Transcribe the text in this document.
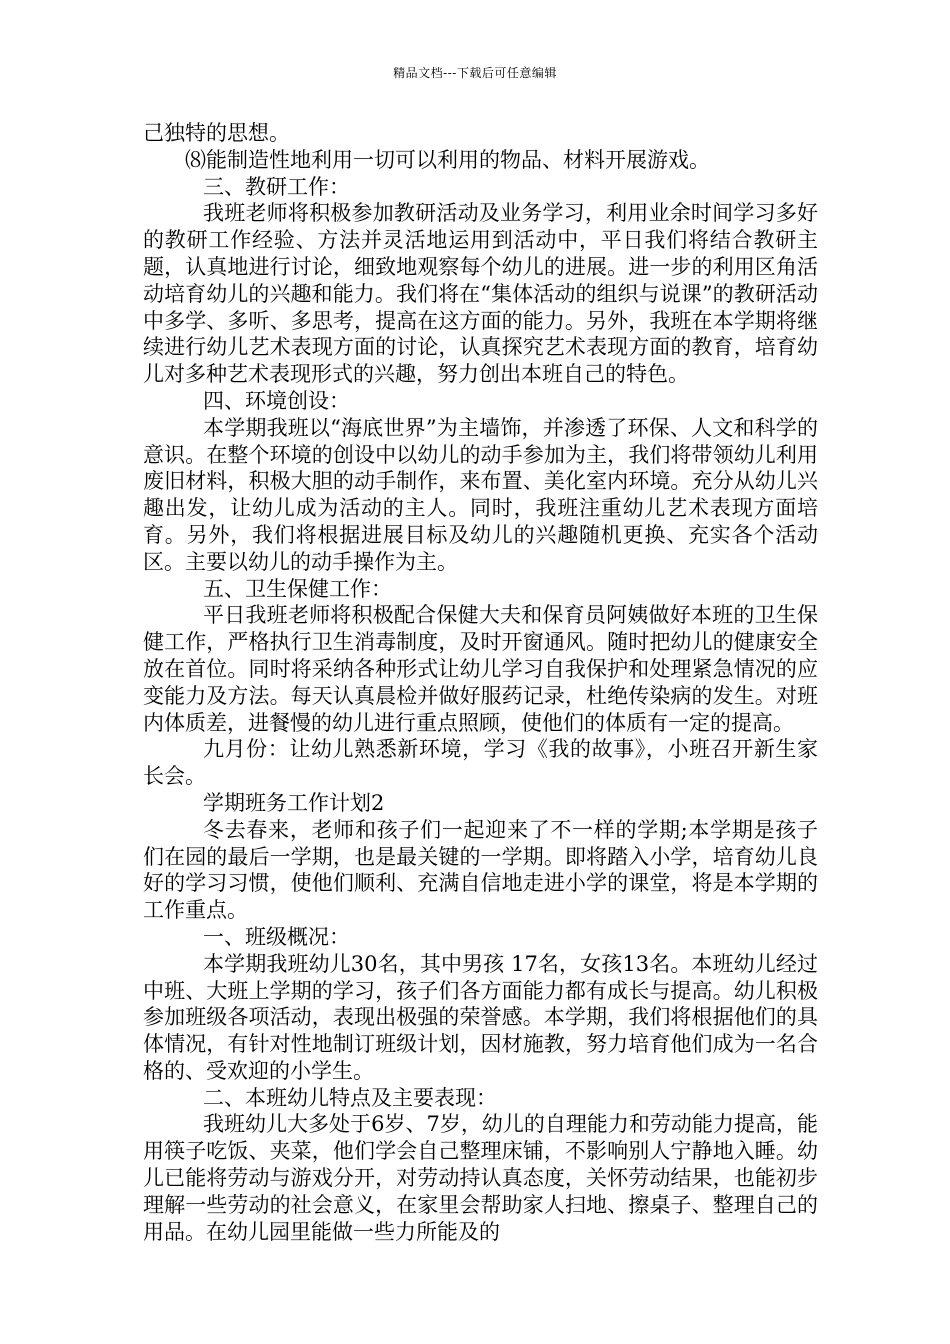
精品文档---下载后可任意编辑

己独特的思想。

⑻能制造性地利用一切可以利用的物品、材料开展游戏。

三、教研工作：

我班老师将积极参加教研活动及业务学习，利用业余时间学习多好的教研工作经验、方法并灵活地运用到活动中，平日我们将结合教研主题，认真地进行讨论，细致地观察每个幼儿的进展。进一步的利用区角活动培育幼儿的兴趣和能力。我们将在“集体活动的组织与说课”的教研活动中多学、多听、多思考，提高在这方面的能力。另外，我班在本学期将继续进行幼儿艺术表现方面的讨论，认真探究艺术表现方面的教育，培育幼儿对多种艺术表现形式的兴趣，努力创出本班自己的特色。

四、环境创设：

本学期我班以“海底世界”为主墙饰，并渗透了环保、人文和科学的意识。在整个环境的创设中以幼儿的动手参加为主，我们将带领幼儿利用废旧材料，积极大胆的动手制作，来布置、美化室内环境。充分从幼儿兴趣出发，让幼儿成为活动的主人。同时，我班注重幼儿艺术表现方面培育。另外，我们将根据进展目标及幼儿的兴趣随机更换、充实各个活动区。主要以幼儿的动手操作为主。

五、卫生保健工作：

平日我班老师将积极配合保健大夫和保育员阿姨做好本班的卫生保健工作，严格执行卫生消毒制度，及时开窗通风。随时把幼儿的健康安全放在首位。同时将采纳各种形式让幼儿学习自我保护和处理紧急情况的应变能力及方法。每天认真晨检并做好服药记录，杜绝传染病的发生。对班内体质差，进餐慢的幼儿进行重点照顾，使他们的体质有一定的提高。

九月份：让幼儿熟悉新环境，学习《我的故事》，小班召开新生家长会。

学期班务工作计划2

冬去春来，老师和孩子们一起迎来了不一样的学期;本学期是孩子们在园的最后一学期，也是最关键的一学期。即将踏入小学，培育幼儿良好的学习习惯，使他们顺利、充满自信地走进小学的课堂，将是本学期的工作重点。

一、班级概况：

本学期我班幼儿30名，其中男孩 17名，女孩13名。本班幼儿经过中班、大班上学期的学习，孩子们各方面能力都有成长与提高。幼儿积极参加班级各项活动，表现出极强的荣誉感。本学期，我们将根据他们的具体情况，有针对性地制订班级计划，因材施教，努力培育他们成为一名合格的、受欢迎的小学生。

二、本班幼儿特点及主要表现：

我班幼儿大多处于6岁、7岁，幼儿的自理能力和劳动能力提高，能用筷子吃饭、夹菜，他们学会自己整理床铺，不影响别人宁静地入睡。幼儿已能将劳动与游戏分开，对劳动持认真态度，关怀劳动结果，也能初步理解一些劳动的社会意义，在家里会帮助家人扫地、擦桌子、整理自己的用品。在幼儿园里能做一些力所能及的
